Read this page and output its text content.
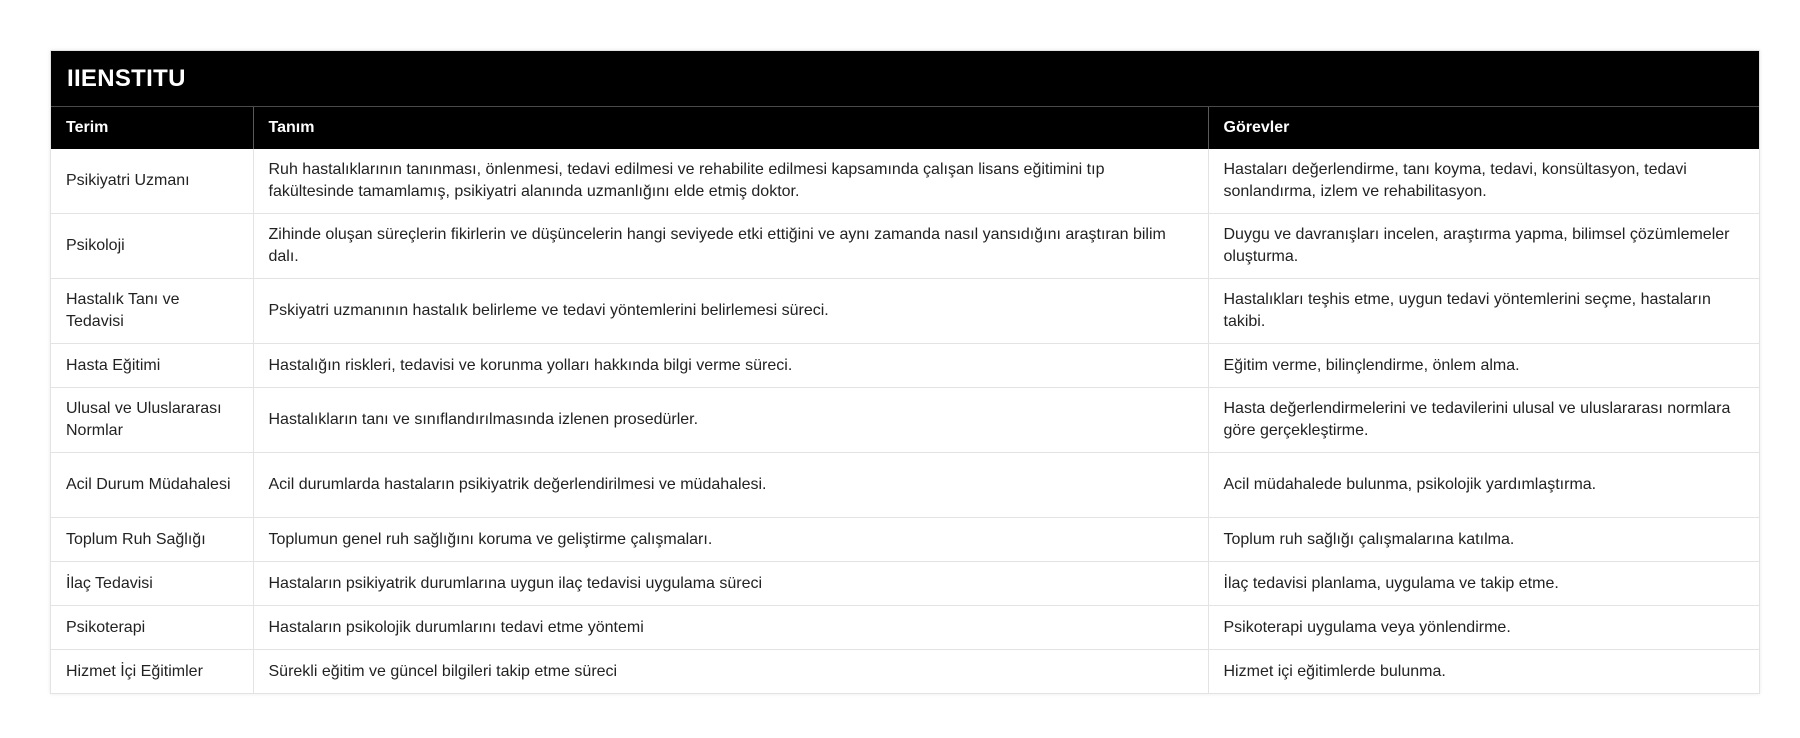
IIENSTITU
Terim	Tanım	Görevler
Psikiyatri Uzmanı	Ruh hastalıklarının tanınması, önlenmesi, tedavi edilmesi ve rehabilite edilmesi kapsamında çalışan lisans eğitimini tıp fakültesinde tamamlamış, psikiyatri alanında uzmanlığını elde etmiş doktor.	Hastaları değerlendirme, tanı koyma, tedavi, konsültasyon, tedavi sonlandırma, izlem ve rehabilitasyon.
Psikoloji	Zihinde oluşan süreçlerin fikirlerin ve düşüncelerin hangi seviyede etki ettiğini ve aynı zamanda nasıl yansıdığını araştıran bilim dalı.	Duygu ve davranışları incelen, araştırma yapma, bilimsel çözümlemeler oluşturma.
Hastalık Tanı ve Tedavisi	Pskiyatri uzmanının hastalık belirleme ve tedavi yöntemlerini belirlemesi süreci.	Hastalıkları teşhis etme, uygun tedavi yöntemlerini seçme, hastaların takibi.
Hasta Eğitimi	Hastalığın riskleri, tedavisi ve korunma yolları hakkında bilgi verme süreci.	Eğitim verme, bilinçlendirme, önlem alma.
Ulusal ve Uluslararası Normlar	Hastalıkların tanı ve sınıflandırılmasında izlenen prosedürler.	Hasta değerlendirmelerini ve tedavilerini ulusal ve uluslararası normlara göre gerçekleştirme.
Acil Durum Müdahalesi	Acil durumlarda hastaların psikiyatrik değerlendirilmesi ve müdahalesi.	Acil müdahalede bulunma, psikolojik yardımlaştırma.
Toplum Ruh Sağlığı	Toplumun genel ruh sağlığını koruma ve geliştirme çalışmaları.	Toplum ruh sağlığı çalışmalarına katılma.
İlaç Tedavisi	Hastaların psikiyatrik durumlarına uygun ilaç tedavisi uygulama süreci	İlaç tedavisi planlama, uygulama ve takip etme.
Psikoterapi	Hastaların psikolojik durumlarını tedavi etme yöntemi	Psikoterapi uygulama veya yönlendirme.
Hizmet İçi Eğitimler	Sürekli eğitim ve güncel bilgileri takip etme süreci	Hizmet içi eğitimlerde bulunma.
